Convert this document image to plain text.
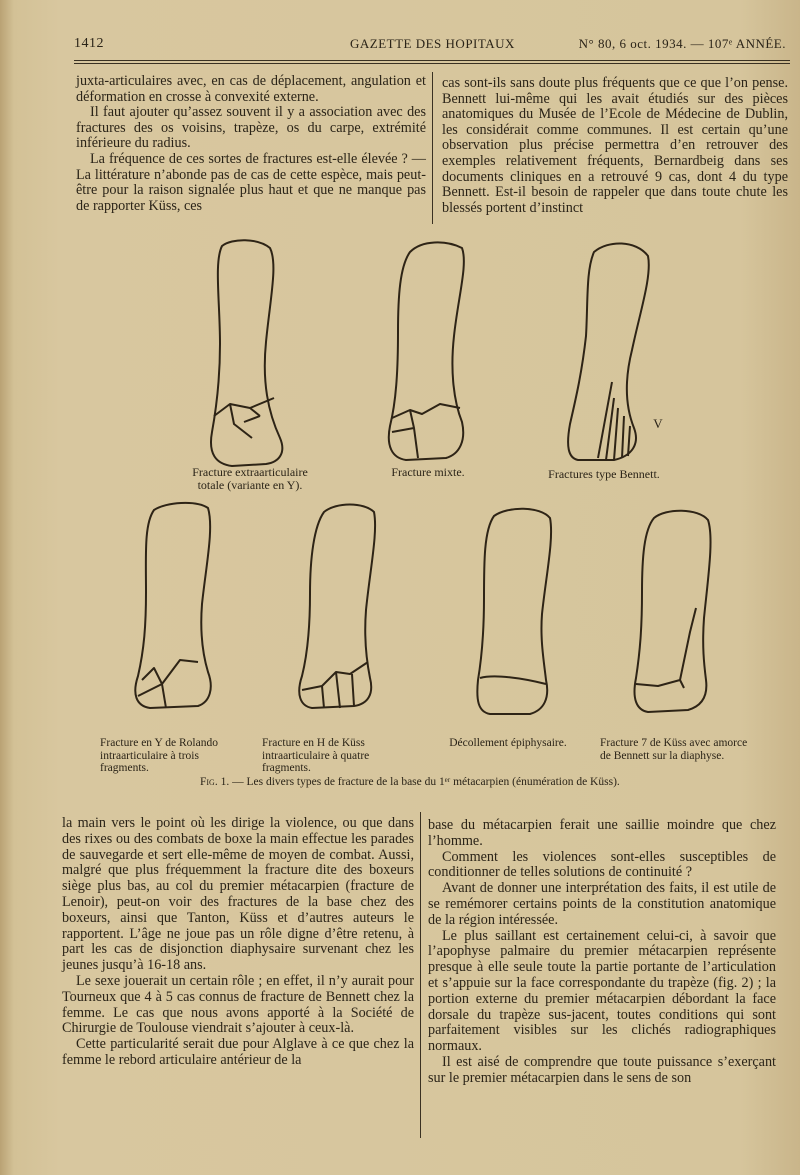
1412	GAZETTE DES HOPITAUX	N° 80, 6 oct. 1934. — 107ᵉ ANNÉE.

juxta-articulaires avec, en cas de déplacement, angulation et déformation en crosse à convexité externe.

Il faut ajouter qu’assez souvent il y a association avec des fractures des os voisins, trapèze, os du carpe, extrémité inférieure du radius.

La fréquence de ces sortes de fractures est-elle élevée ? — La littérature n’abonde pas de cas de cette espèce, mais peut-être pour la raison signalée plus haut et que ne manque pas de rapporter Küss, ces

cas sont-ils sans doute plus fréquents que ce que l’on pense. Bennett lui-même qui les avait étudiés sur des pièces anatomiques du Musée de l’Ecole de Médecine de Dublin, les considérait comme communes. Il est certain qu’une observation plus précise permettra d’en retrouver des exemples relativement fréquents, Bernardbeig dans ses documents cliniques en a retrouvé 9 cas, dont 4 du type Bennett. Est-il besoin de rappeler que dans toute chute les blessés portent d’instinct

Fracture extraarticulaire totale (variante en Y).
Fracture mixte.	Fractures type Bennett.
V
Fracture en Y de Rolando intraarticulaire à trois fragments.
Fracture en H de Küss intraarticulaire à quatre fragments.
Décollement épiphysaire.	Fracture 7 de Küss avec amorce de Bennett sur la diaphyse.
Fig. 1. — Les divers types de fracture de la base du 1ᵉʳ métacarpien (énumération de Küss).

la main vers le point où les dirige la violence, ou que dans des rixes ou des combats de boxe la main effectue les parades de sauvegarde et sert elle-même de moyen de combat. Aussi, malgré que plus fréquemment la fracture dite des boxeurs siège plus bas, au col du premier métacarpien (fracture de Lenoir), peut-on voir des fractures de la base chez des boxeurs, ainsi que Tanton, Küss et d’autres auteurs le rapportent. L’âge ne joue pas un rôle digne d’être retenu, à part les cas de disjonction diaphysaire survenant chez les jeunes jusqu’à 16-18 ans.

Le sexe jouerait un certain rôle ; en effet, il n’y aurait pour Tourneux que 4 à 5 cas connus de fracture de Bennett chez la femme. Le cas que nous avons apporté à la Société de Chirurgie de Toulouse viendrait s’ajouter à ceux-là.

Cette particularité serait due pour Alglave à ce que chez la femme le rebord articulaire antérieur de la

base du métacarpien ferait une saillie moindre que chez l’homme.

Comment les violences sont-elles susceptibles de conditionner de telles solutions de continuité ?

Avant de donner une interprétation des faits, il est utile de se remémorer certains points de la constitution anatomique de la région intéressée.

Le plus saillant est certainement celui-ci, à savoir que l’apophyse palmaire du premier métacarpien représente presque à elle seule toute la partie portante de l’articulation et s’appuie sur la face correspondante du trapèze (fig. 2) ; la portion externe du premier métacarpien débordant la face dorsale du trapèze sus-jacent, toutes conditions qui sont parfaitement visibles sur les clichés radiographiques normaux.

Il est aisé de comprendre que toute puissance s’exerçant sur le premier métacarpien dans le sens de son
